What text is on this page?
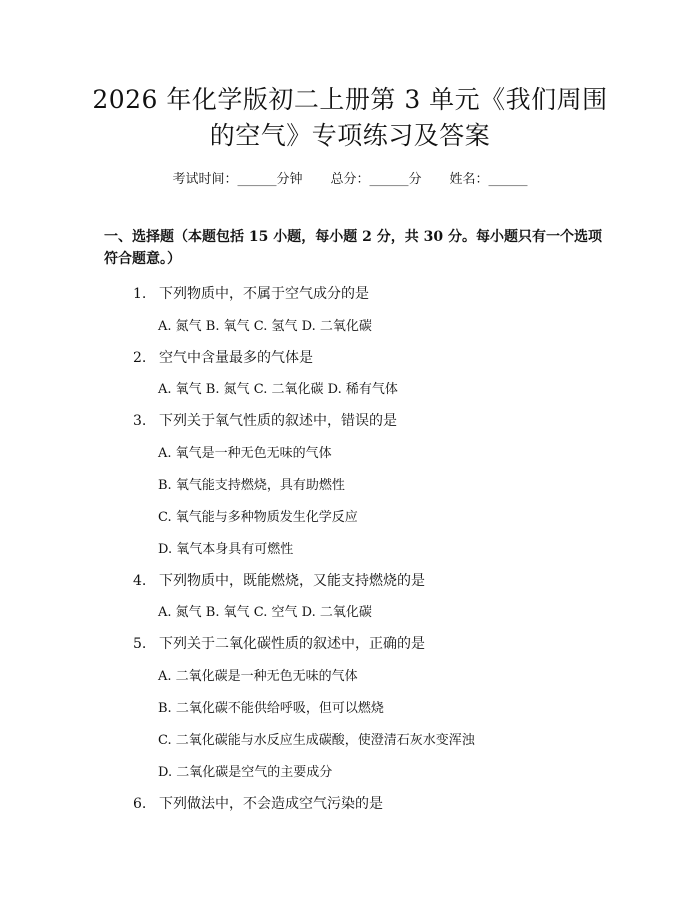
2026 年化学版初二上册第 3 单元《我们周围
的空气》专项练习及答案
考试时间：______分钟 总分：______分 姓名：______
一、选择题（本题包括 15 小题，每小题 2 分，共 30 分。每小题只有一个选项符合题意。）
1. 下列物质中，不属于空气成分的是
A. 氮气 B. 氧气 C. 氢气 D. 二氧化碳
2. 空气中含量最多的气体是
A. 氧气 B. 氮气 C. 二氧化碳 D. 稀有气体
3. 下列关于氧气性质的叙述中，错误的是
A. 氧气是一种无色无味的气体
B. 氧气能支持燃烧，具有助燃性
C. 氧气能与多种物质发生化学反应
D. 氧气本身具有可燃性
4. 下列物质中，既能燃烧，又能支持燃烧的是
A. 氮气 B. 氧气 C. 空气 D. 二氧化碳
5. 下列关于二氧化碳性质的叙述中，正确的是
A. 二氧化碳是一种无色无味的气体
B. 二氧化碳不能供给呼吸，但可以燃烧
C. 二氧化碳能与水反应生成碳酸，使澄清石灰水变浑浊
D. 二氧化碳是空气的主要成分
6. 下列做法中，不会造成空气污染的是
